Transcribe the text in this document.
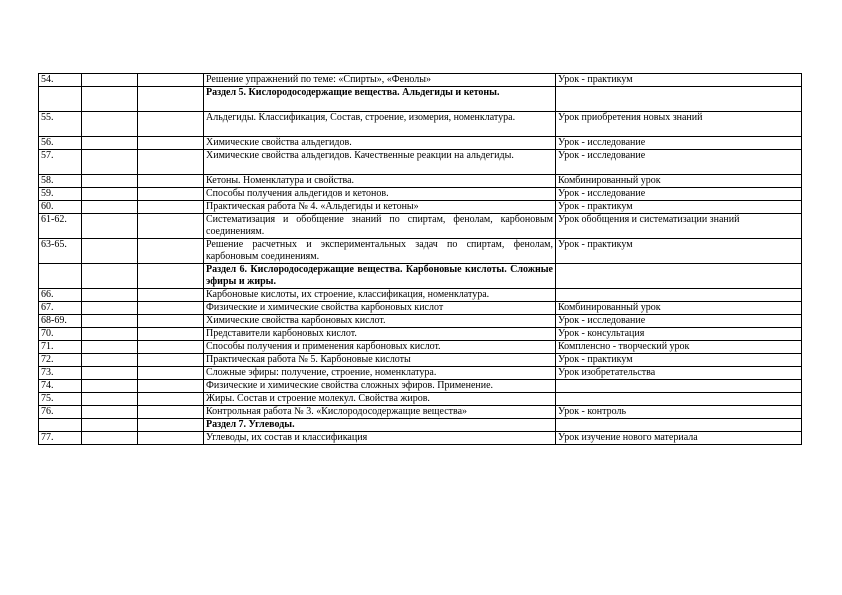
54.			Решение упражнений по теме: «Спирты», «Фенолы»	Урок - практикум
			Раздел 5. Кислородосодержащие вещества. Альдегиды и кетоны.	
55.			Альдегиды. Классификация, Состав, строение, изомерия, номенклатура.	Урок приобретения новых знаний
56.			Химические свойства альдегидов.	Урок - исследование
57.			Химические свойства альдегидов. Качественные реакции на альдегиды.	Урок - исследование
58.			Кетоны. Номенклатура и свойства.	Комбинированный урок
59.			Способы получения альдегидов и кетонов.	Урок - исследование
60.			Практическая работа № 4. «Альдегиды и кетоны»	Урок - практикум
61-62.			Систематизация и обобщение знаний по спиртам, фенолам, карбоновым соединениям.	Урок обобщения и систематизации знаний
63-65.			Решение расчетных и экспериментальных задач по спиртам, фенолам, карбоновым соединениям.	Урок - практикум
			Раздел 6. Кислородосодержащие вещества. Карбоновые кислоты. Сложные эфиры и жиры.	
66.			Карбоновые кислоты, их строение, классификация, номенклатура.	
67.			Физические и химические свойства карбоновых кислот	Комбинированный урок
68-69.			Химические свойства карбоновых кислот.	Урок - исследование
70.			Представители карбоновых кислот.	Урок - консультация
71.			Способы получения и применения карбоновых кислот.	Компленсно - творческий урок
72.			Практическая работа № 5. Карбоновые кислоты	Урок - практикум
73.			Сложные эфиры: получение, строение, номенклатура.	Урок изобретательства
74.			Физические и химические свойства сложных эфиров. Применение.	
75.			Жиры. Состав и строение молекул. Свойства жиров.	
76.			Контрольная работа № 3. «Кислородосодержащие вещества»	Урок - контроль
			Раздел 7. Углеводы.	
77.			Углеводы, их состав и классификация	Урок изучение нового материала
